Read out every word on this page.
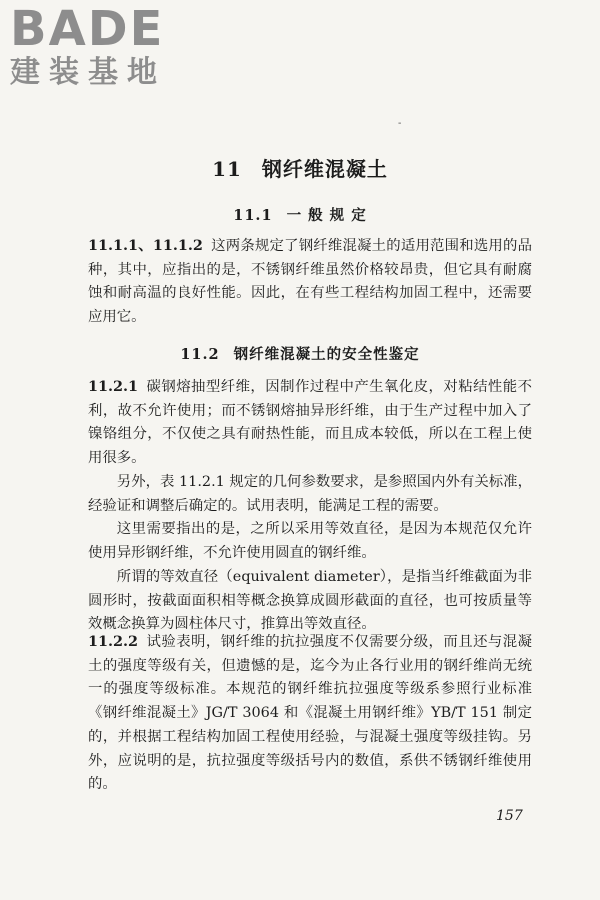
BADE
建装基地
-
11 钢纤维混凝土
11.1 一 般 规 定

11.1.1、11.1.2 这两条规定了钢纤维混凝土的适用范围和选用的品种，其中，应指出的是，不锈钢纤维虽然价格较昂贵，但它具有耐腐蚀和耐高温的良好性能。因此，在有些工程结构加固工程中，还需要应用它。

11.2 钢纤维混凝土的安全性鉴定

11.2.1 碳钢熔抽型纤维，因制作过程中产生氧化皮，对粘结性能不利，故不允许使用；而不锈钢熔抽异形纤维，由于生产过程中加入了镍铬组分，不仅使之具有耐热性能，而且成本较低，所以在工程上使用很多。

另外，表 11.2.1 规定的几何参数要求，是参照国内外有关标准，经验证和调整后确定的。试用表明，能满足工程的需要。

这里需要指出的是，之所以采用等效直径，是因为本规范仅允许使用异形钢纤维，不允许使用圆直的钢纤维。

所谓的等效直径（equivalent diameter），是指当纤维截面为非圆形时，按截面面积相等概念换算成圆形截面的直径，也可按质量等效概念换算为圆柱体尺寸，推算出等效直径。

11.2.2 试验表明，钢纤维的抗拉强度不仅需要分级，而且还与混凝土的强度等级有关，但遗憾的是，迄今为止各行业用的钢纤维尚无统一的强度等级标准。本规范的钢纤维抗拉强度等级系参照行业标准《钢纤维混凝土》JG/T 3064 和《混凝土用钢纤维》YB/T 151 制定的，并根据工程结构加固工程使用经验，与混凝土强度等级挂钩。另外，应说明的是，抗拉强度等级括号内的数值，系供不锈钢纤维使用的。

157
